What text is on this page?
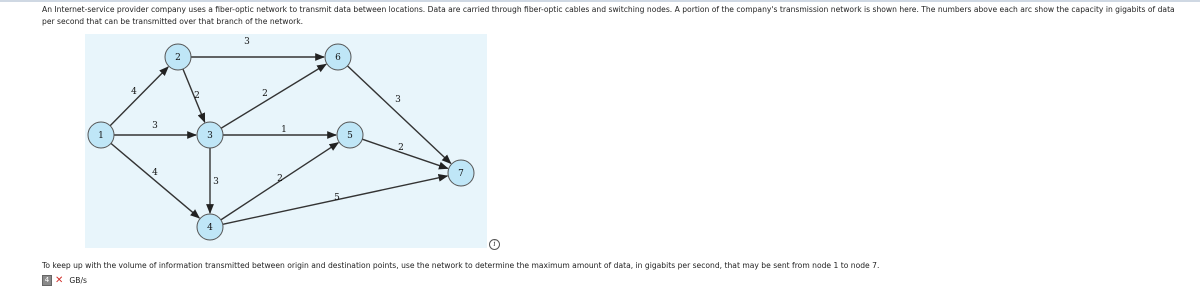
An Internet-service provider company uses a fiber-optic network to transmit data between locations. Data are carried through fiber-optic cables and switching nodes. A portion of the company's transmission network is shown here. The numbers above each arc show the capacity in gigabits of data per second that can be transmitted over that branch of the network.
4
3
4
3
2	2
1
3	2
5
3
2
1
2
3
4
5
6
7
i
To keep up with the volume of information transmitted between origin and destination points, use the network to determine the maximum amount of data, in gigabits per second, that may be sent from node 1 to node 7.
4 ✕ GB/s
